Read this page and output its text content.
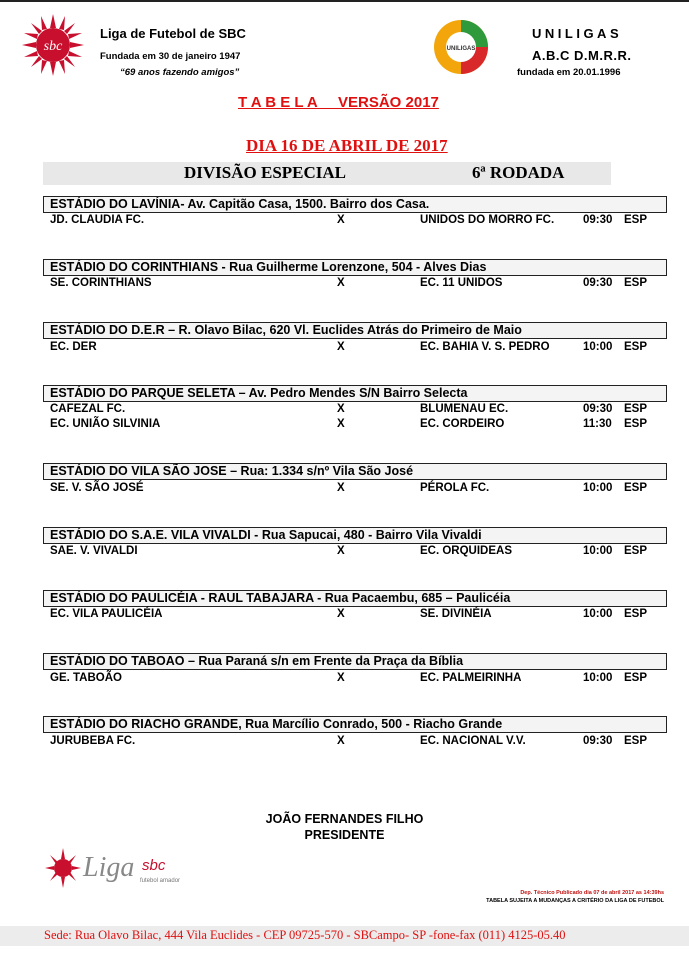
sbc
Liga de Futebol de SBC
Fundada em 30 de janeiro 1947
“69 anos fazendo amigos”
UNILIGAS
UNILIGAS
A.B.C D.M.R.R.
fundada em 20.01.1996
T A B E L A     VERSÃO 2017
DIA 16 DE ABRIL DE 2017
DIVISÃO ESPECIAL	6ª RODADA
ESTÁDIO DO LAVÍNIA- Av. Capitão Casa, 1500. Bairro dos Casa.
JD. CLAUDIA FC.	X	UNIDOS DO MORRO FC.	09:30 ESP
ESTÁDIO DO CORINTHIANS - Rua Guilherme Lorenzone, 504 - Alves Dias
SE. CORINTHIANS	X	EC. 11 UNIDOS	09:30 ESP
ESTÁDIO DO D.E.R – R. Olavo Bilac, 620 Vl. Euclides Atrás do Primeiro de Maio
EC. DER	X	EC. BAHIA V. S. PEDRO	10:00 ESP
ESTÁDIO DO PARQUE SELETA – Av. Pedro Mendes S/N Bairro Selecta
CAFEZAL FC.	X	BLUMENAU EC.	09:30 ESP
EC. UNIÃO SILVINIA	X	EC. CORDEIRO	11:30 ESP
ESTÁDIO DO VILA SÃO JOSE – Rua: 1.334 s/nº Vila São José
SE. V. SÃO JOSÉ	X	PÉROLA FC.	10:00 ESP
ESTÁDIO DO S.A.E. VILA VIVALDI - Rua Sapucai, 480 - Bairro Vila Vivaldi
SAE. V. VIVALDI	X	EC. ORQUIDEAS	10:00 ESP
ESTÁDIO DO PAULICÉIA - RAUL TABAJARA - Rua Pacaembu, 685 – Paulicéia
EC. VILA PAULICÉIA	X	SE. DIVINÉIA	10:00 ESP
ESTÁDIO DO TABOAO – Rua Paraná s/n em Frente da Praça da Bíblia
GE. TABOÃO	X	EC. PALMEIRINHA	10:00 ESP
ESTÁDIO DO RIACHO GRANDE, Rua Marcílio Conrado, 500 - Riacho Grande
JURUBEBA FC.	X	EC. NACIONAL V.V.	09:30 ESP
JOÃO FERNANDES FILHO
PRESIDENTE
Liga sbc
futebol amador
Dep. Técnico Publicado dia 07 de abril 2017 as 14:39hs
TABELA SUJEITA A MUDANÇAS A CRITÉRIO DA LIGA DE FUTEBOL
Sede: Rua Olavo Bilac, 444 Vila Euclides - CEP 09725-570 - SBCampo- SP -fone-fax (011) 4125-05.40
